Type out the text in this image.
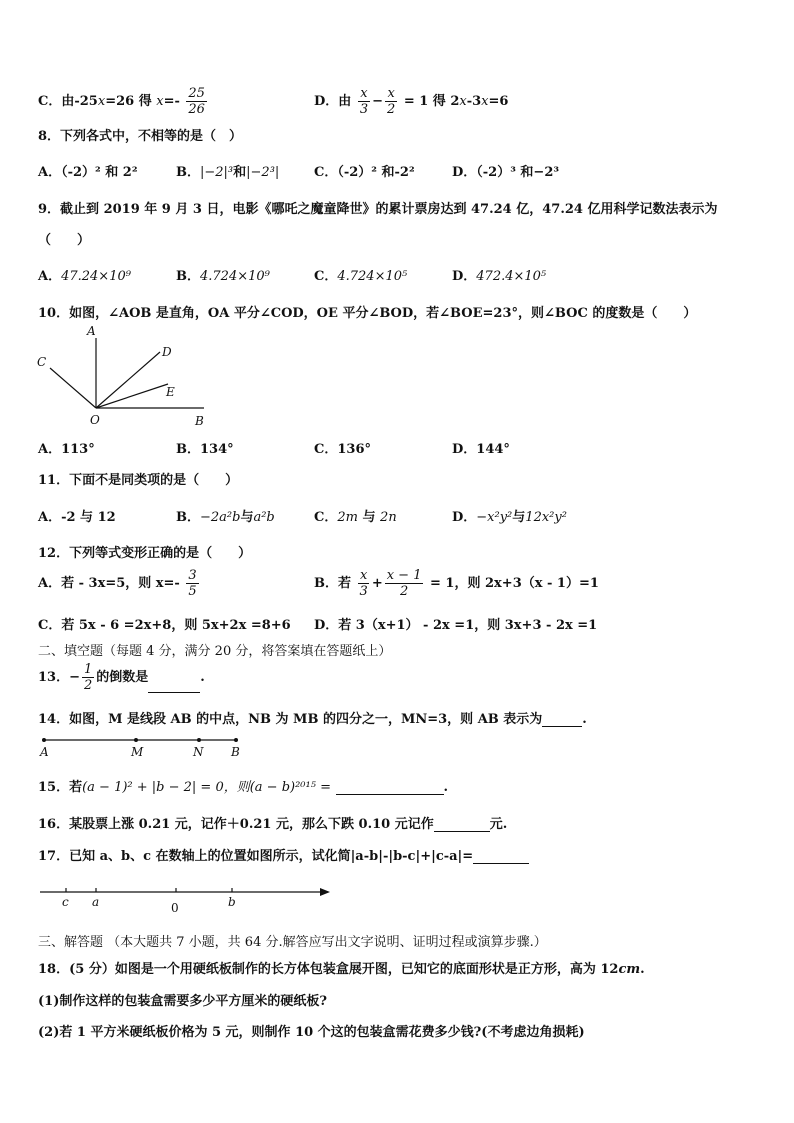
C．由-25x=26 得 $x=- \frac{25}{26}$	D．由 $\frac{x}{3} - \frac{x}{2} = 1$ 得 2x-3x=6
8．下列各式中，不相等的是（　）
A．（-2）² 和 2²	B．|−2|³和|−2³|	C．（-2）² 和-2²	D．（-2）³ 和−2³
9．截止到 2019 年 9 月 3 日，电影《哪吒之魔童降世》的累计票房达到 47.24 亿，47.24 亿用科学记数法表示为
（　　）
A．47.24×10⁹	B．4.724×10⁹	C．4.724×10⁵	D．472.4×10⁵
10．如图，∠AOB 是直角，OA 平分∠COD，OE 平分∠BOD，若∠BOE=23°，则∠BOC 的度数是（　　）
A
C
D
E
O	B
A．113°	B．134°	C．136°	D．144°
11．下面不是同类项的是（　　）
A．-2 与 12	B．−2a²b与a²b	C．2m 与 2n	D．−x²y²与12x²y²
12．下列等式变形正确的是（　　）
A．若 - 3x=5，则 $x=- \frac{3}{5}$	B．若 $\frac{x}{3} + \frac{x - 1}{2} = 1$，则 2x+3（x - 1）=1
C．若 5x - 6 =2x+8，则 5x+2x =8+6 D．若 3（x+1） - 2x =1，则 3x+3 - 2x =1
二、填空题（每题 4 分，满分 20 分，将答案填在答题纸上）
13．− $\frac{1}{2}$ 的倒数是	.
14．如图，M 是线段 AB 的中点，NB 为 MB 的四分之一，MN=3，则 AB 表示为	.
A	M	N B
15．若(a − 1)² + |b − 2| = 0，则(a − b)²⁰¹⁵ =	.
16．某股票上涨 0.21 元，记作＋0.21 元，那么下跌 0.10 元记作	元.
17．已知 a、b、c 在数轴上的位置如图所示，试化简|a-b|-|b-c|+|c-a|=
c a	0	b
三、解答题 （本大题共 7 小题，共 64 分.解答应写出文字说明、证明过程或演算步骤.）
18．(5 分）如图是一个用硬纸板制作的长方体包装盒展开图，已知它的底面形状是正方形，高为 12cm.
(1)制作这样的包装盒需要多少平方厘米的硬纸板?
(2)若 1 平方米硬纸板价格为 5 元，则制作 10 个这的包装盒需花费多少钱?(不考虑边角损耗)
